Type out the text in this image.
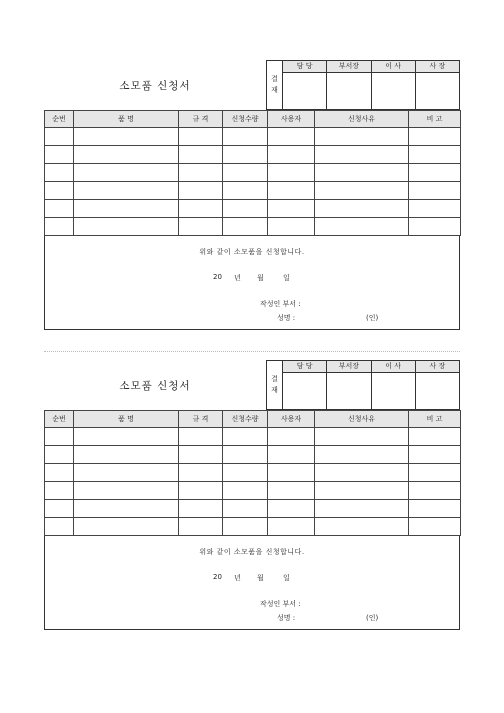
소모품 신청서
결
재
담 당	부서장	이 사	사 장
순번	품 명	규 격	신청수량	사용자	신청사유	비 고

위와 같이 소모품을 신청합니다.
20 년 월	일
작성인 부서 :
성명 :	(인)
소모품 신청서
결
재
담 당	부서장	이 사	사 장
순번	품 명	규 격	신청수량	사용자	신청사유	비 고

위와 같이 소모품을 신청합니다.
20 년 월	일
작성인 부서 :
성명 :	(인)
